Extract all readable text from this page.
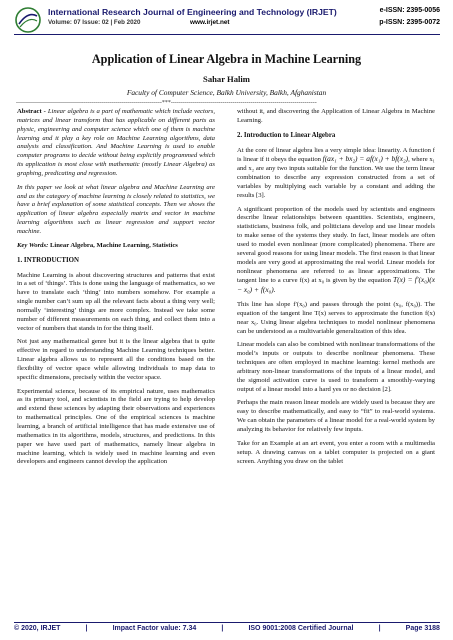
International Research Journal of Engineering and Technology (IRJET)
Volume: 07 Issue: 02 | Feb 2020	www.irjet.net
e-ISSN: 2395-0056
p-ISSN: 2395-0072
Application of Linear Algebra in Machine Learning
Sahar Halim
Faculty of Computer Science, Balkh University, Balkh, Afghanistan
-------------------------------------------------------------------------***-------------------------------------------------------------------------

Abstract - Linear algebra is a part of mathematic which include vectors, matrices and linear transform that has applicable on different parts as physic, engineering and computer science which one of them is machine learning and it play a key role on Machine Learning algorithms, data analysis and classification. And Machine Learning is used to enable computer programs to decide without being explicitly programmed which its application is most close with mathematic (mostly Linear Algebra) as graphing, predicating and regression.

In this paper we look at what linear algebra and Machine Learning are and as the category of machine learning is closely related to statistics, we have a brief explanation of some statistical concepts. Then we shows the application of linear algebra especially matrix and vector in machine learning algorithms such as linear regression and support vector machine.

Key Words: Linear Algebra, Machine Learning, Statistics

1. INTRODUCTION

Machine Learning is about discovering structures and patterns that exist in a set of ‘things’. This is done using the language of mathematics, so we have to translate each ‘thing’ into numbers somehow. For example a single number can’t sum up all the relevant facts about a thing very well; normally ‘interesting’ things are more complex. Instead we take some number of different measurements on each thing, and collect them into a vector of numbers that stands in for the thing itself.

Not just any mathematical genre but it is the linear algebra that is quite effective in regard to understanding Machine Learning techniques better. Linear algebra allows us to represent all the conditions based on the flexibility of vector space while allowing individuals to map data to specific dimensions, precisely within the vector space.

Experimental science, because of its empirical nature, uses mathematics as its primary tool, and scientists in the field are trying to help develop and extend these sciences by adapting their observations and experiences to mathematical principles. One of the empirical sciences is machine learning, a branch of artificial intelligence that has made extensive use of mathematics in its algorithms, models, structures, and predictions. In this paper we have used part of mathematics, namely linear algebra in machine learning, which is widely used in machine learning and even developers and engineers cannot develop the application

without it, and discovering the Application of Linear Algebra in Machine Learning.

2. Introduction to Linear Algebra

At the core of linear algebra lies a very simple idea: linearity. A function f is linear if it obeys the equation f(ax₁ + bx₂) = af(x₁) + bf(x₂), where x₁ and x₂ are any two inputs suitable for the function. We use the term linear combination to describe any expression constructed from a set of variables by multiplying each variable by a constant and adding the results [3].

A significant proportion of the models used by scientists and engineers describe linear relationships between quantities. Scientists, engineers, statisticians, business folk, and politicians develop and use linear models to make sense of the systems they study. In fact, linear models are often used to model even nonlinear (more complicated) phenomena. There are several good reasons for using linear models. The first reason is that linear models are very good at approximating the real world. Linear models for nonlinear phenomena are referred to as linear approximations. The tangent line to a curve f(x) at x₀ is given by the equation T(x) = f′(x₀)(x − x₀) + f(x₀).

This line has slope f′(x₀) and passes through the point (x₀, f(x₀)). The equation of the tangent line T(x) serves to approximate the function f(x) near x₀. Using linear algebra techniques to model nonlinear phenomena can be understood as a multivariable generalization of this idea.

Linear models can also be combined with nonlinear transformations of the model’s inputs or outputs to describe nonlinear phenomena. These techniques are often employed in machine learning: kernel methods are arbitrary non-linear transformations of the inputs of a linear model, and the sigmoid activation curve is used to transform a smoothly-varying output of a linear model into a hard yes or no decision [2].

Perhaps the main reason linear models are widely used is because they are easy to describe mathematically, and easy to “fit” to real-world systems. We can obtain the parameters of a linear model for a real-world system by analyzing its behavior for relatively few inputs.

Take for an Example at an art event, you enter a room with a multimedia setup. A drawing canvas on a tablet computer is projected on a giant screen. Anything you draw on the tablet

© 2020, IRJET	|	Impact Factor value: 7.34	|	ISO 9001:2008 Certified Journal	|	Page 3188
